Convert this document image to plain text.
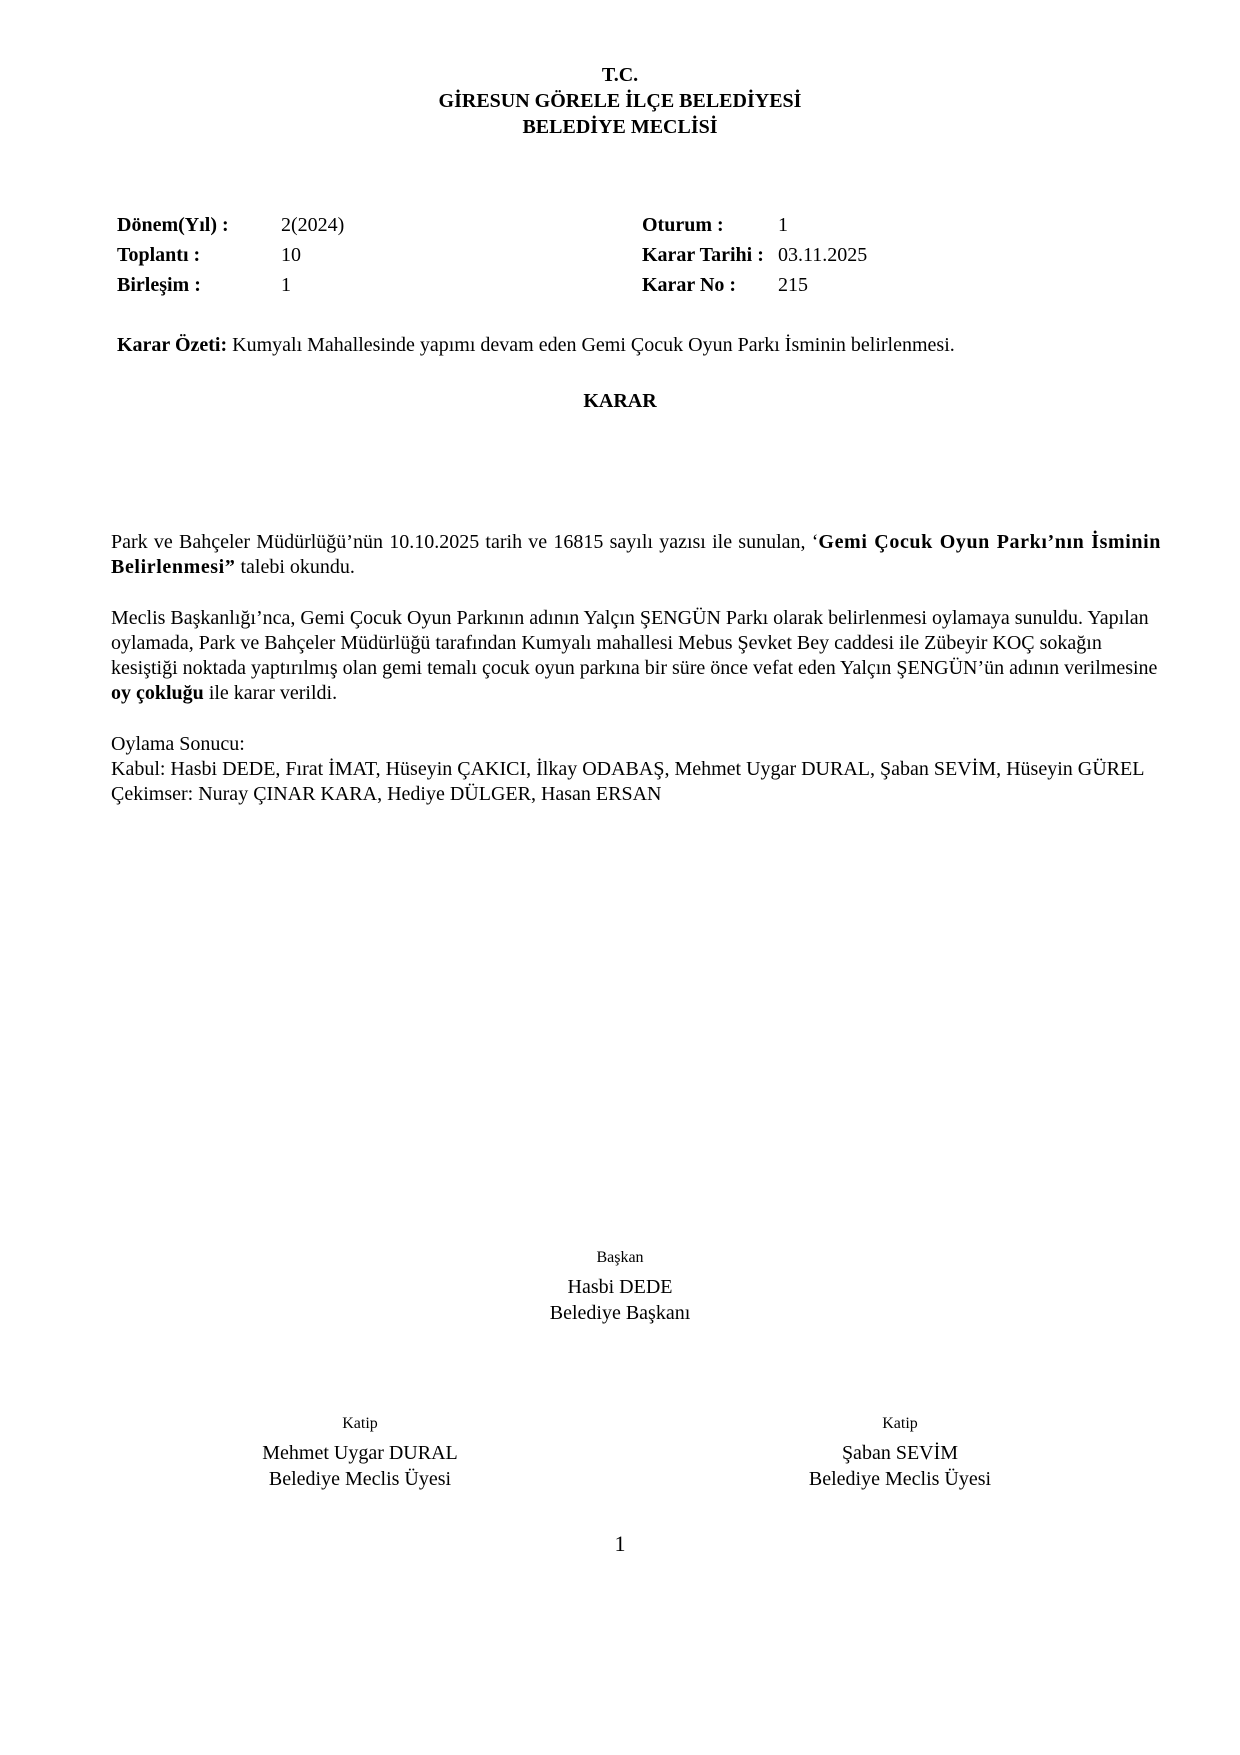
T.C.
GİRESUN GÖRELE İLÇE BELEDİYESİ
BELEDİYE MECLİSİ
Dönem(Yıl) :
Toplantı :
Birleşim :
2(2024)
10
1
Oturum :
Karar Tarihi :
Karar No :
1
03.11.2025
215
Karar Özeti: Kumyalı Mahallesinde yapımı devam eden Gemi Çocuk Oyun Parkı İsminin belirlenmesi.
KARAR
Park ve Bahçeler Müdürlüğü’nün 10.10.2025 tarih ve 16815 sayılı yazısı ile sunulan, ‘Gemi Çocuk Oyun Parkı’nın İsminin Belirlenmesi” talebi okundu.
Meclis Başkanlığı’nca, Gemi Çocuk Oyun Parkının adının Yalçın ŞENGÜN Parkı olarak belirlenmesi oylamaya sunuldu. Yapılan oylamada, Park ve Bahçeler Müdürlüğü tarafından Kumyalı mahallesi Mebus Şevket Bey caddesi ile Zübeyir KOÇ sokağın kesiştiği noktada yaptırılmış olan gemi temalı çocuk oyun parkına bir süre önce vefat eden Yalçın ŞENGÜN’ün adının verilmesine oy çokluğu ile karar verildi.
Oylama Sonucu:
Kabul: Hasbi DEDE, Fırat İMAT, Hüseyin ÇAKICI, İlkay ODABAŞ, Mehmet Uygar DURAL, Şaban SEVİM, Hüseyin GÜREL
Çekimser: Nuray ÇINAR KARA, Hediye DÜLGER, Hasan ERSAN
Başkan
Hasbi DEDE
Belediye Başkanı
Katip
Mehmet Uygar DURAL
Belediye Meclis Üyesi
Katip
Şaban SEVİM
Belediye Meclis Üyesi
1
